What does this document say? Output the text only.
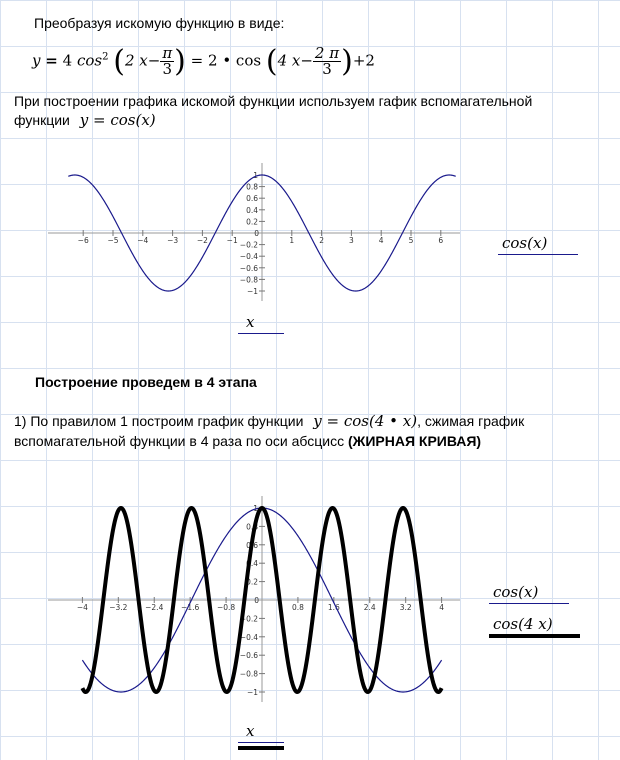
Преобразуя искомую функцию в виде:
y = 4 $\cos^2 (2$ $x- \frac{\pi}{3}$ ) = 2 • cos (4 $x- \frac{2 \pi}{3} )+2$
При построении графика искомой функции используем гафик вспомагательной
функции y = cos(x)
−6 −5 −4 −3 −2 −1	1	2	3	4	5	6
1
0.8
0.6
0.4
0.2
−0.2
−0.4
−0.6
−0.8
−1
0
cos(x)
x
Построение проведем в 4 этапа
1) По правилом 1 построим график функции y = cos(4 • x), сжимая график
вспомагательной функции в 4 раза по оси абсцисс (ЖИРНАЯ КРИВАЯ)
−4	−3.2 −2.4 −1.6 −0.8	0.8	1.6	2.4	3.2	4
1
0.8
0.6
0.4
0.2
−0.2
−0.4
−0.6
−0.8
−1
0	cos(x)
cos(4 x)
x
